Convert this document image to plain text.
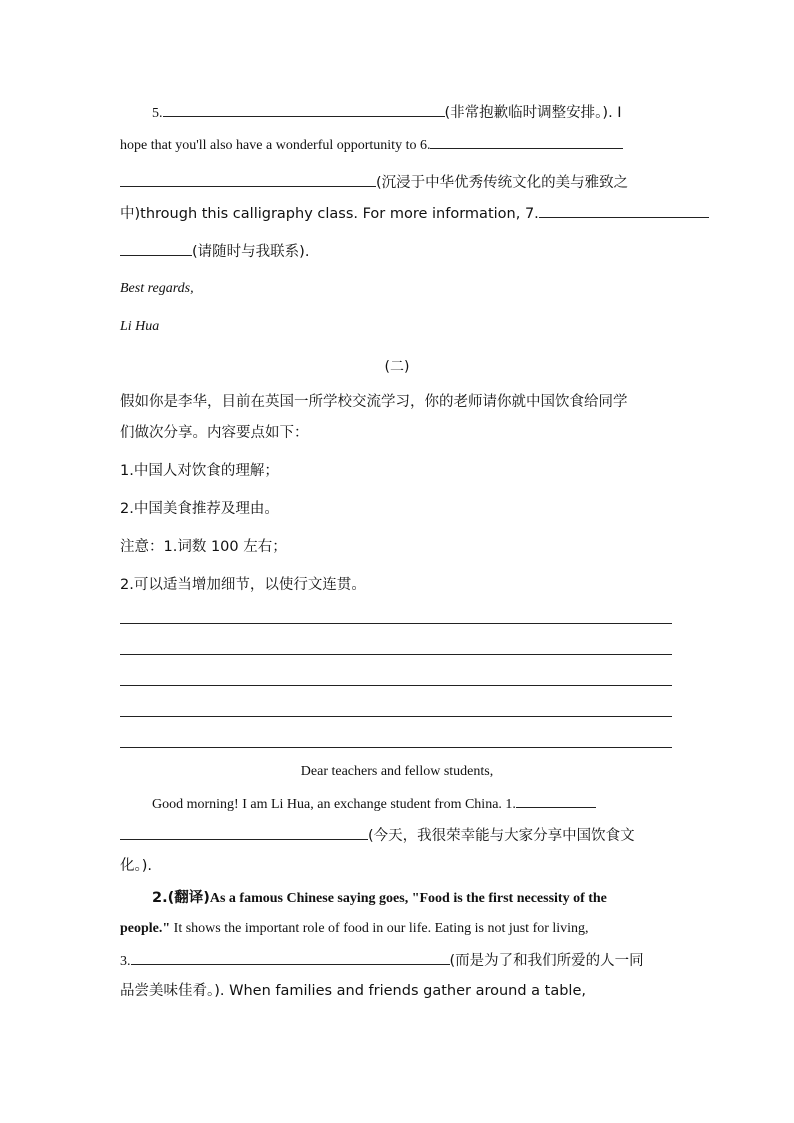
5.	(非常抱歉临时调整安排。). I
hope that you'll also have a wonderful opportunity to 6.
(沉浸于中华优秀传统文化的美与雅致之
中)through this calligraphy class. For more information, 7.
(请随时与我联系).
Best regards,
Li Hua
(二)
假如你是李华，目前在英国一所学校交流学习，你的老师请你就中国饮食给同学
们做次分享。内容要点如下：
1.中国人对饮食的理解；
2.中国美食推荐及理由。
注意：1.词数 100 左右；
2.可以适当增加细节，以使行文连贯。
Dear teachers and fellow students,
Good morning! I am Li Hua, an exchange student from China. 1.
(今天，我很荣幸能与大家分享中国饮食文
化。).
2.(翻译)As a famous Chinese saying goes, "Food is the first necessity of the
people." It shows the important role of food in our life. Eating is not just for living,
3.	(而是为了和我们所爱的人一同
品尝美味佳肴。). When families and friends gather around a table,
